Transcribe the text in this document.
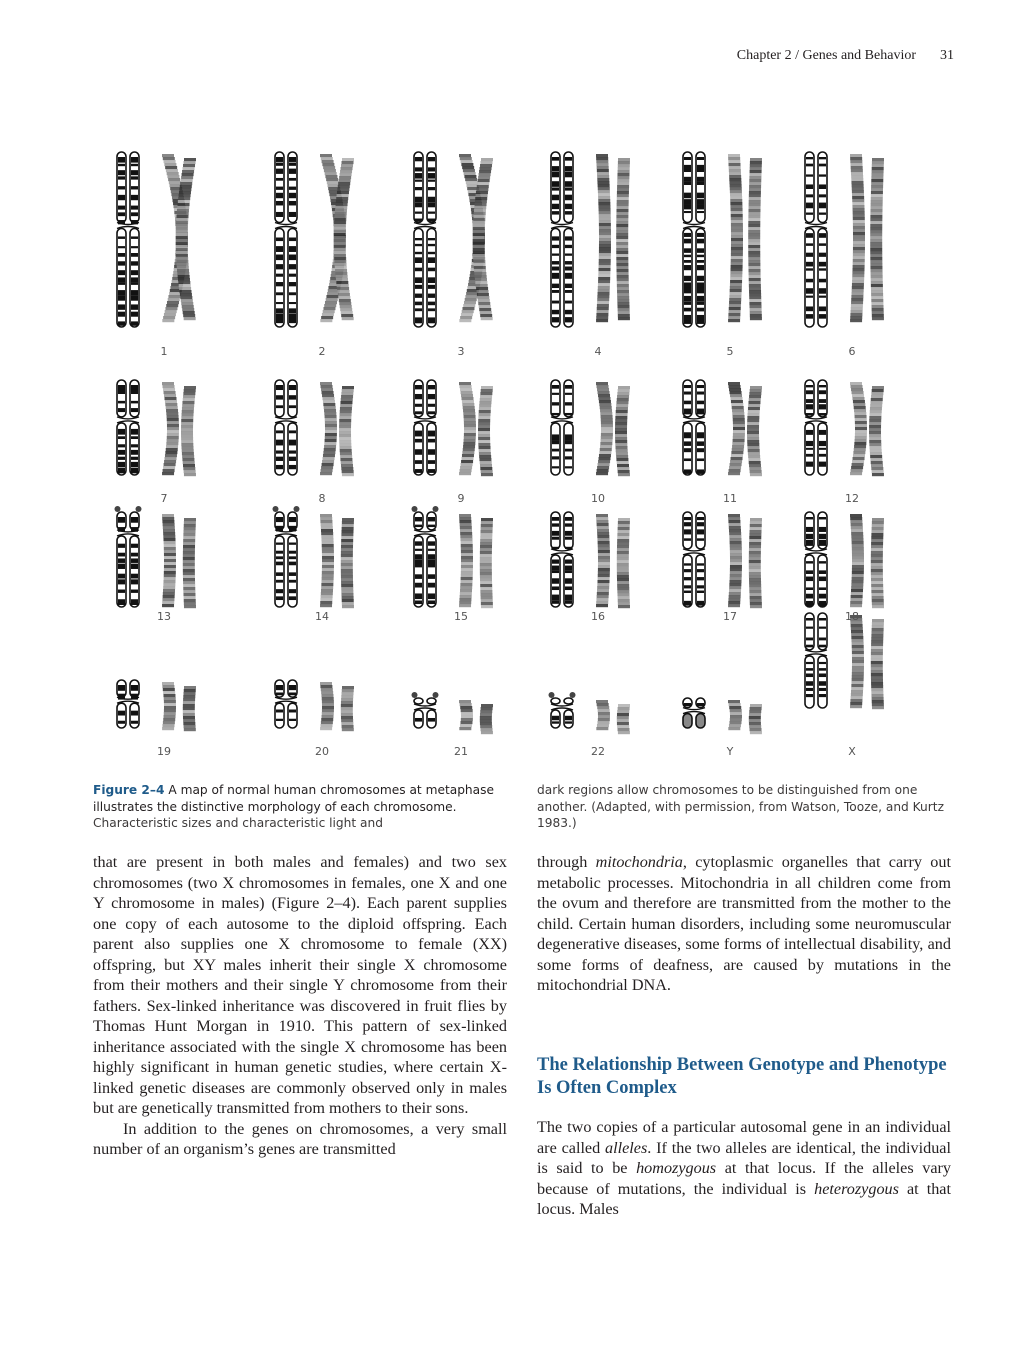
Chapter 2 / Genes and Behavior 31
1	2	3	4	5	6
7	8	9	10	11	12
13	14	15	16	17	18
19	20	21	22	Y	X
Figure 2–4 A map of normal human chromosomes at metaphase illustrates the distinctive morphology of each chromosome. Characteristic sizes and characteristic light and
dark regions allow chromosomes to be distinguished from one another. (Adapted, with permission, from Watson, Tooze, and Kurtz 1983.)

that are present in both males and females) and two sex chromosomes (two X chromosomes in females, one X and one Y chromosome in males) (Figure 2–4). Each parent supplies one copy of each autosome to the diploid offspring. Each parent also supplies one X chromosome to female (XX) offspring, but XY males inherit their single X chromosome from their mothers and their single Y chromosome from their fathers. Sex-linked inheritance was discovered in fruit flies by Thomas Hunt Morgan in 1910. This pattern of sex-linked inheritance associated with the single X chromosome has been highly significant in human genetic studies, where certain X-linked genetic diseases are commonly observed only in males but are genetically transmitted from mothers to their sons.

In addition to the genes on chromosomes, a very small number of an organism’s genes are transmitted

through mitochondria, cytoplasmic organelles that carry out metabolic processes. Mitochondria in all children come from the ovum and therefore are transmitted from the mother to the child. Certain human disorders, including some neuromuscular degenerative diseases, some forms of intellectual disability, and some forms of deafness, are caused by mutations in the mitochondrial DNA.

The Relationship Between Genotype and Phenotype Is Often Complex

The two copies of a particular autosomal gene in an individual are called alleles. If the two alleles are identical, the individual is said to be homozygous at that locus. If the alleles vary because of mutations, the individual is heterozygous at that locus. Males
